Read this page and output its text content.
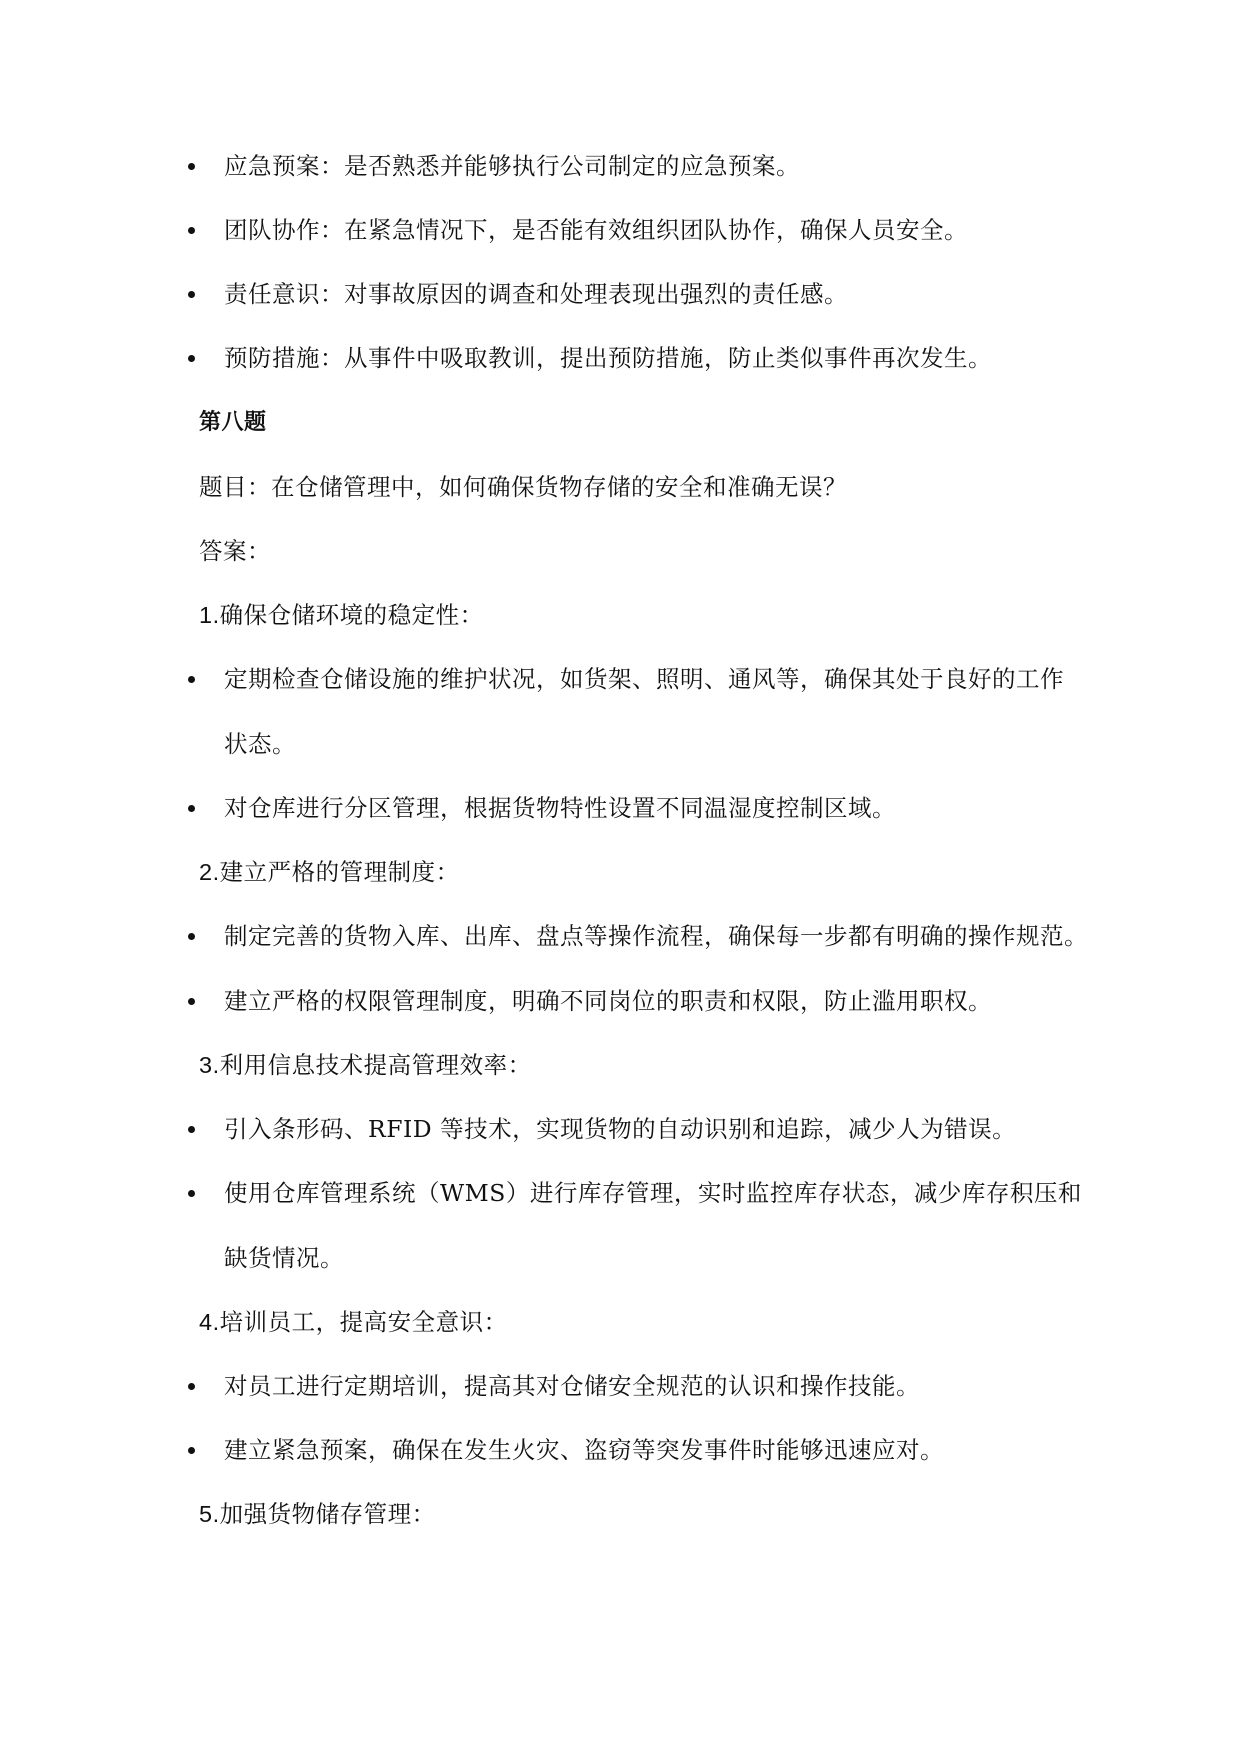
应急预案：是否熟悉并能够执行公司制定的应急预案。
团队协作：在紧急情况下，是否能有效组织团队协作，确保人员安全。
责任意识：对事故原因的调查和处理表现出强烈的责任感。
预防措施：从事件中吸取教训，提出预防措施，防止类似事件再次发生。
第八题
题目：在仓储管理中，如何确保货物存储的安全和准确无误？
答案：
1.确保仓储环境的稳定性：
定期检查仓储设施的维护状况，如货架、照明、通风等，确保其处于良好的工作
状态。
对仓库进行分区管理，根据货物特性设置不同温湿度控制区域。
2.建立严格的管理制度：
制定完善的货物入库、出库、盘点等操作流程，确保每一步都有明确的操作规范。
建立严格的权限管理制度，明确不同岗位的职责和权限，防止滥用职权。
3.利用信息技术提高管理效率：
引入条形码、RFID 等技术，实现货物的自动识别和追踪，减少人为错误。
使用仓库管理系统（WMS）进行库存管理，实时监控库存状态，减少库存积压和
缺货情况。
4.培训员工，提高安全意识：
对员工进行定期培训，提高其对仓储安全规范的认识和操作技能。
建立紧急预案，确保在发生火灾、盗窃等突发事件时能够迅速应对。
5.加强货物储存管理：
